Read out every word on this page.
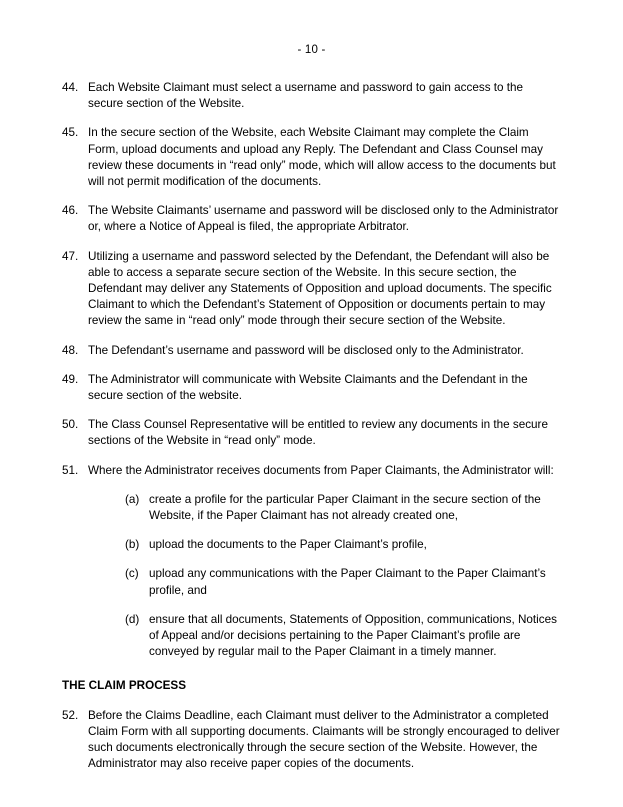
- 10 -
44. Each Website Claimant must select a username and password to gain access to the secure section of the Website.
45. In the secure section of the Website, each Website Claimant may complete the Claim Form, upload documents and upload any Reply. The Defendant and Class Counsel may review these documents in “read only” mode, which will allow access to the documents but will not permit modification of the documents.
46. The Website Claimants’ username and password will be disclosed only to the Administrator or, where a Notice of Appeal is filed, the appropriate Arbitrator.
47. Utilizing a username and password selected by the Defendant, the Defendant will also be able to access a separate secure section of the Website. In this secure section, the Defendant may deliver any Statements of Opposition and upload documents. The specific Claimant to which the Defendant’s Statement of Opposition or documents pertain to may review the same in “read only” mode through their secure section of the Website.
48. The Defendant’s username and password will be disclosed only to the Administrator.
49. The Administrator will communicate with Website Claimants and the Defendant in the secure section of the website.
50. The Class Counsel Representative will be entitled to review any documents in the secure sections of the Website in “read only” mode.
51. Where the Administrator receives documents from Paper Claimants, the Administrator will:
(a) create a profile for the particular Paper Claimant in the secure section of the Website, if the Paper Claimant has not already created one,
(b) upload the documents to the Paper Claimant’s profile,
(c) upload any communications with the Paper Claimant to the Paper Claimant’s profile, and
(d) ensure that all documents, Statements of Opposition, communications, Notices of Appeal and/or decisions pertaining to the Paper Claimant’s profile are conveyed by regular mail to the Paper Claimant in a timely manner.
THE CLAIM PROCESS
52. Before the Claims Deadline, each Claimant must deliver to the Administrator a completed Claim Form with all supporting documents. Claimants will be strongly encouraged to deliver such documents electronically through the secure section of the Website. However, the Administrator may also receive paper copies of the documents.
